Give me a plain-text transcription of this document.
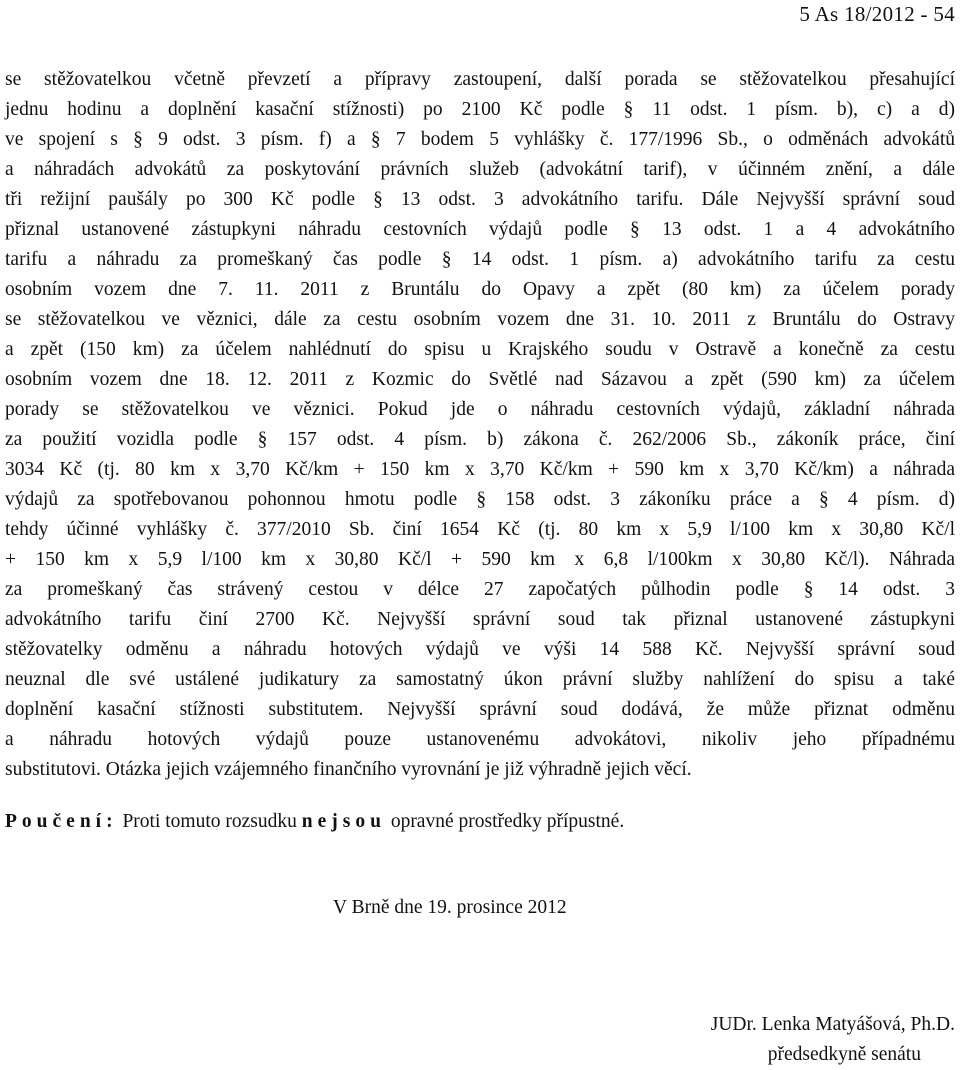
5 As 18/2012 - 54
se stěžovatelkou včetně převzetí a přípravy zastoupení, další porada se stěžovatelkou přesahující
jednu hodinu a doplnění kasační stížnosti) po 2100 Kč podle § 11 odst. 1 písm. b), c) a d)
ve spojení s § 9 odst. 3 písm. f) a § 7 bodem 5 vyhlášky č. 177/1996 Sb., o odměnách advokátů
a náhradách advokátů za poskytování právních služeb (advokátní tarif), v účinném znění, a dále
tři režijní paušály po 300 Kč podle § 13 odst. 3 advokátního tarifu. Dále Nejvyšší správní soud
přiznal ustanovené zástupkyni náhradu cestovních výdajů podle § 13 odst. 1 a 4 advokátního
tarifu a náhradu za promeškaný čas podle § 14 odst. 1 písm. a) advokátního tarifu za cestu
osobním vozem dne 7. 11. 2011 z Bruntálu do Opavy a zpět (80 km) za účelem porady
se stěžovatelkou ve věznici, dále za cestu osobním vozem dne 31. 10. 2011 z Bruntálu do Ostravy
a zpět (150 km) za účelem nahlédnutí do spisu u Krajského soudu v Ostravě a konečně za cestu
osobním vozem dne 18. 12. 2011 z Kozmic do Světlé nad Sázavou a zpět (590 km) za účelem
porady se stěžovatelkou ve věznici. Pokud jde o náhradu cestovních výdajů, základní náhrada
za použití vozidla podle § 157 odst. 4 písm. b) zákona č. 262/2006 Sb., zákoník práce, činí
3034 Kč (tj. 80 km x 3,70 Kč/km + 150 km x 3,70 Kč/km + 590 km x 3,70 Kč/km) a náhrada
výdajů za spotřebovanou pohonnou hmotu podle § 158 odst. 3 zákoníku práce a § 4 písm. d)
tehdy účinné vyhlášky č. 377/2010 Sb. činí 1654 Kč (tj. 80 km x 5,9 l/100 km x 30,80 Kč/l
+ 150 km x 5,9 l/100 km x 30,80 Kč/l + 590 km x 6,8 l/100km x 30,80 Kč/l). Náhrada
za promeškaný čas strávený cestou v délce 27 započatých půlhodin podle § 14 odst. 3
advokátního tarifu činí 2700 Kč. Nejvyšší správní soud tak přiznal ustanovené zástupkyni
stěžovatelky odměnu a náhradu hotových výdajů ve výši 14 588 Kč. Nejvyšší správní soud
neuznal dle své ustálené judikatury za samostatný úkon právní služby nahlížení do spisu a také
doplnění kasační stížnosti substitutem. Nejvyšší správní soud dodává, že může přiznat odměnu
a náhradu hotových výdajů pouze ustanovenému advokátovi, nikoliv jeho případnému
substitutovi. Otázka jejich vzájemného finančního vyrovnání je již výhradně jejich věcí.
Poučení: Proti tomuto rozsudku nejsou opravné prostředky přípustné.
V Brně dne 19. prosince 2012
JUDr. Lenka Matyášová, Ph.D.
předsedkyně senátu
